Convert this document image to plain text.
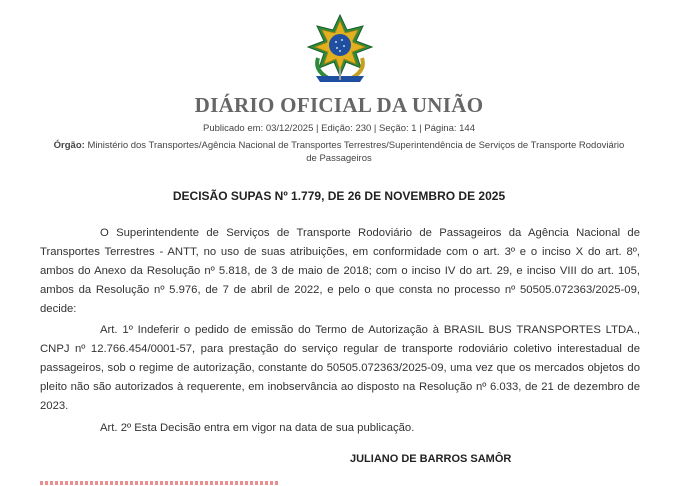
DIÁRIO OFICIAL DA UNIÃO
Publicado em: 03/12/2025 | Edição: 230 | Seção: 1 | Página: 144
Órgão: Ministério dos Transportes/Agência Nacional de Transportes Terrestres/Superintendência de Serviços de Transporte Rodoviário de Passageiros
DECISÃO SUPAS Nº 1.779, DE 26 DE NOVEMBRO DE 2025

O Superintendente de Serviços de Transporte Rodoviário de Passageiros da Agência Nacional de Transportes Terrestres - ANTT, no uso de suas atribuições, em conformidade com o art. 3º e o inciso X do art. 8º, ambos do Anexo da Resolução nº 5.818, de 3 de maio de 2018; com o inciso IV do art. 29, e inciso VIII do art. 105, ambos da Resolução nº 5.976, de 7 de abril de 2022, e pelo o que consta no processo nº 50505.072363/2025-09, decide:

Art. 1º Indeferir o pedido de emissão do Termo de Autorização à BRASIL BUS TRANSPORTES LTDA., CNPJ nº 12.766.454/0001-57, para prestação do serviço regular de transporte rodoviário coletivo interestadual de passageiros, sob o regime de autorização, constante do 50505.072363/2025-09, uma vez que os mercados objetos do pleito não são autorizados à requerente, em inobservância ao disposto na Resolução nº 6.033, de 21 de dezembro de 2023.

Art. 2º Esta Decisão entra em vigor na data de sua publicação.

JULIANO DE BARROS SAMÔR
